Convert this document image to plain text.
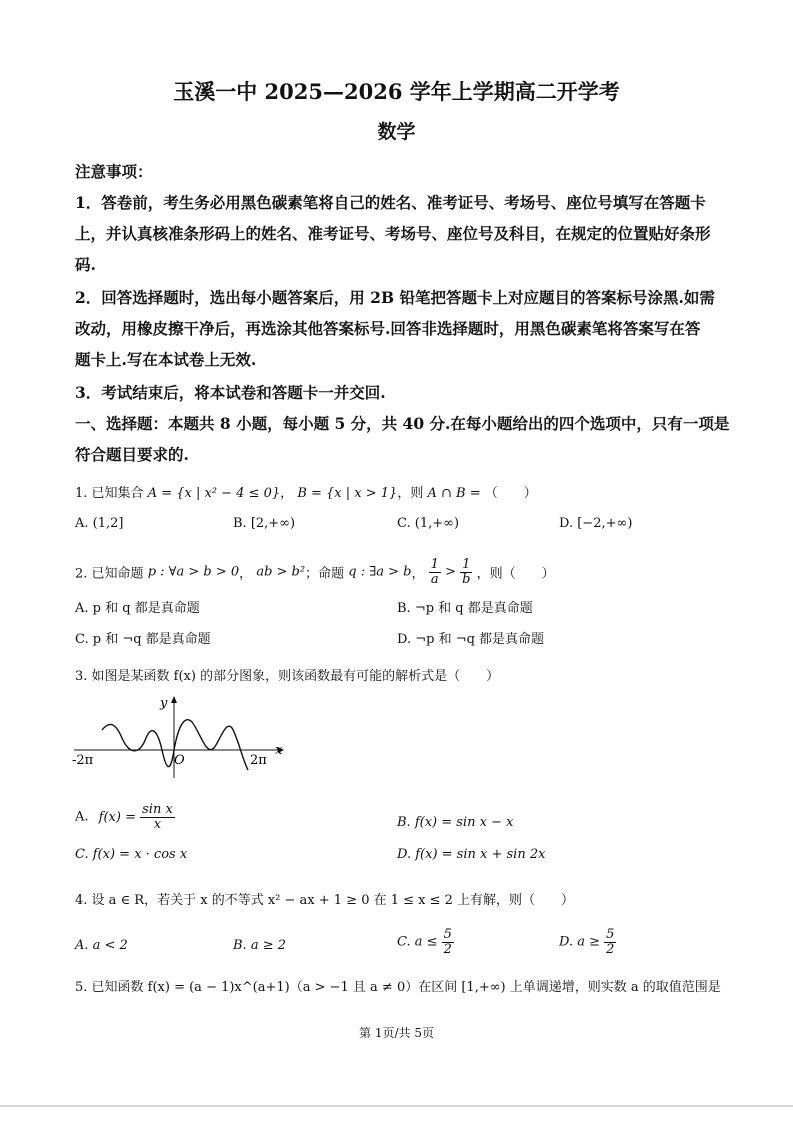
玉溪一中 2025—2026 学年上学期高二开学考
数学
注意事项：
1．答卷前，考生务必用黑色碳素笔将自己的姓名、准考证号、考场号、座位号填写在答题卡
上，并认真核准条形码上的姓名、准考证号、考场号、座位号及科目，在规定的位置贴好条形
码.
2．回答选择题时，选出每小题答案后，用 2B 铅笔把答题卡上对应题目的答案标号涂黑.如需
改动，用橡皮擦干净后，再选涂其他答案标号.回答非选择题时，用黑色碳素笔将答案写在答
题卡上.写在本试卷上无效.
3．考试结束后，将本试卷和答题卡一并交回.
一、选择题：本题共 8 小题，每小题 5 分，共 40 分.在每小题给出的四个选项中，只有一项是
符合题目要求的.
1. 已知集合 A = {x | x² − 4 ≤ 0}， B = {x | x > 1}，则 A ∩ B = （　　）
A. (1,2]	B. [2,+∞)	C. (1,+∞)	D. [−2,+∞)
2. 已知命题 p : ∀a > b > 0， ab > b²；命题 q : ∃a > b， $\frac{1}{a} > \frac{1}{b}$ ，则（　　）
A. p 和 q 都是真命题	B. ¬p 和 q 都是真命题
C. p 和 ¬q 都是真命题	D. ¬p 和 ¬q 都是真命题
3. 如图是某函数 f(x) 的部分图象，则该函数最有可能的解析式是（　　）
y
x
-2π	O	2π
A. $f(x) = \frac{\text{sin x}}{x}$	B. f(x) = sin x − x
C. f(x) = x · cos x	D. f(x) = sin x + sin 2x
4. 设 a ∈ R，若关于 x 的不等式 x² − ax + 1 ≥ 0 在 1 ≤ x ≤ 2 上有解，则（　　）
A. a < 2	B. a ≥ 2	C. $a \le \frac{5}{2}$	D. $a \ge \frac{5}{2}$
5. 已知函数 f(x) = (a − 1)x^(a+1)（a > −1 且 a ≠ 0）在区间 [1,+∞) 上单调递增，则实数 a 的取值范围是
第 1页/共 5页
